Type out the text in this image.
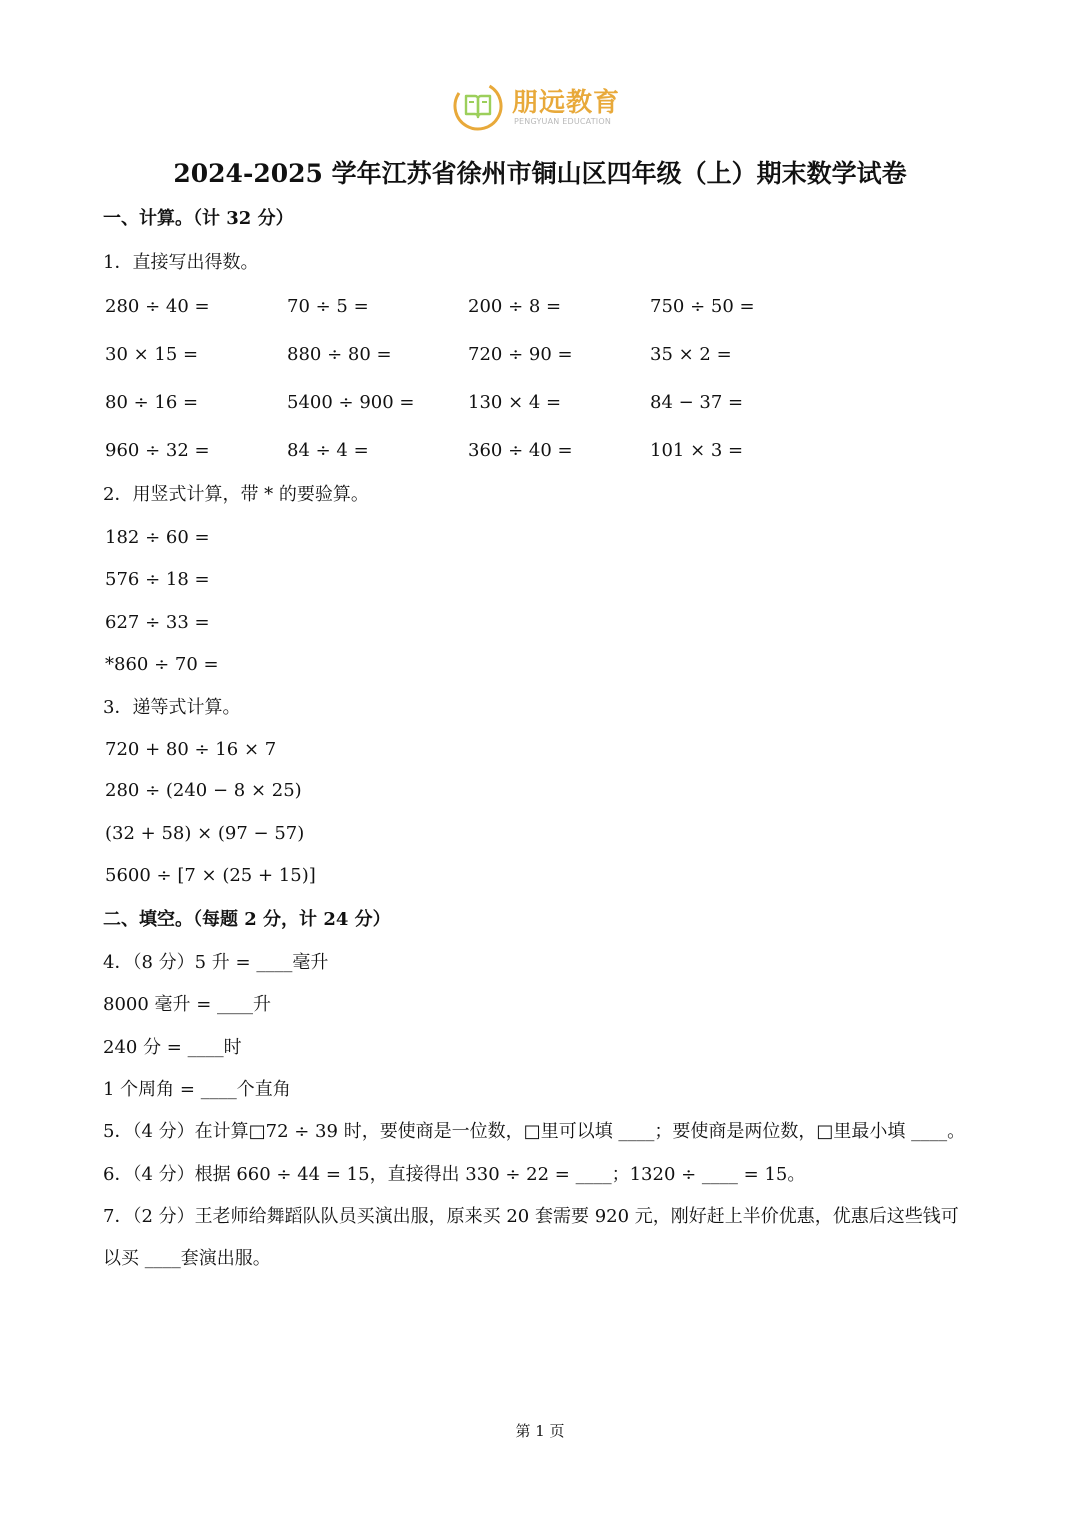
朋远教育
PENGYUAN EDUCATION
2024-2025 学年江苏省徐州市铜山区四年级（上）期末数学试卷
一、计算。（计 32 分）
1．直接写出得数。
280 ÷ 40 =	70 ÷ 5 =	200 ÷ 8 =	750 ÷ 50 =
30 × 15 =	880 ÷ 80 =	720 ÷ 90 =	35 × 2 =
80 ÷ 16 =	5400 ÷ 900 =	130 × 4 =	84 − 37 =
960 ÷ 32 =	84 ÷ 4 =	360 ÷ 40 =	101 × 3 =
2．用竖式计算，带 * 的要验算。
182 ÷ 60 =
576 ÷ 18 =
627 ÷ 33 =
*860 ÷ 70 =
3．递等式计算。
720 + 80 ÷ 16 × 7
280 ÷ (240 − 8 × 25)
(32 + 58) × (97 − 57)
5600 ÷ [7 × (25 + 15)]
二、填空。（每题 2 分，计 24 分）
4．（8 分）5 升 = ____毫升
8000 毫升 = ____升
240 分 = ____时
1 个周角 = ____个直角
5．（4 分）在计算□72 ÷ 39 时，要使商是一位数，□里可以填 ____；要使商是两位数，□里最小填 ____。
6．（4 分）根据 660 ÷ 44 = 15，直接得出 330 ÷ 22 = ____；1320 ÷ ____ = 15。
7．（2 分）王老师给舞蹈队队员买演出服，原来买 20 套需要 920 元，刚好赶上半价优惠，优惠后这些钱可
以买 ____套演出服。
第 1 页
